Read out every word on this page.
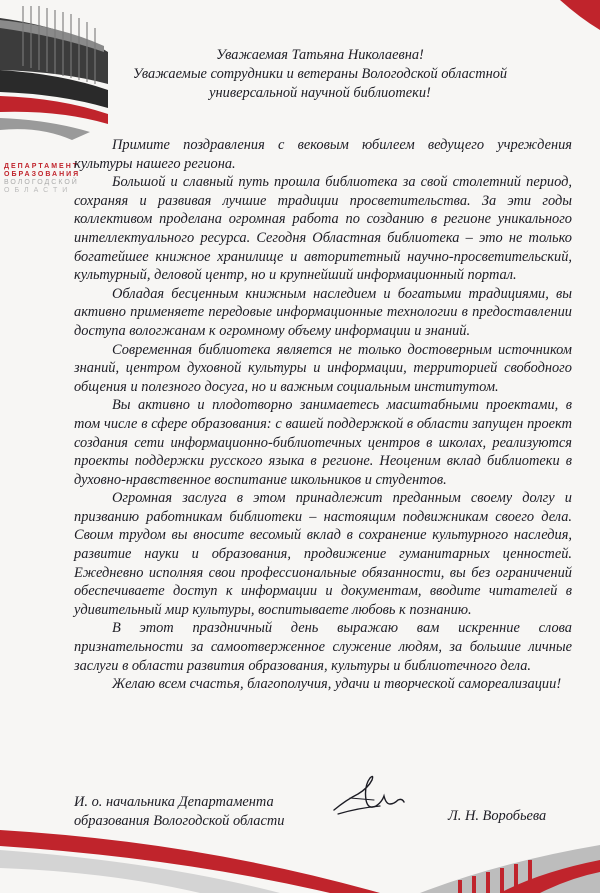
ДЕПАРТАМЕНТ
ОБРАЗОВАНИЯ
ВОЛОГОДСКОЙ
ОБЛАСТИ
Уважаемая Татьяна Николаевна!
Уважаемые сотрудники и ветераны Вологодской областной
универсальной научной библиотеки!

Примите поздравления с вековым юбилеем ведущего учреждения культуры нашего региона.

Большой и славный путь прошла библиотека за свой столетний период, сохраняя и развивая лучшие традиции просветительства. За эти годы коллективом проделана огромная работа по созданию в регионе уникального интеллектуального ресурса. Сегодня Областная библиотека – это не только богатейшее книжное хранилище и авторитетный научно-просветительский, культурный, деловой центр, но и крупнейший информационный портал.

Обладая бесценным книжным наследием и богатыми традициями, вы активно применяете передовые информационные технологии в предоставлении доступа вологжанам к огромному объему информации и знаний.

Современная библиотека является не только достоверным источником знаний, центром духовной культуры и информации, территорией свободного общения и полезного досуга, но и важным социальным институтом.

Вы активно и плодотворно занимаетесь масштабными проектами, в том числе в сфере образования: с вашей поддержкой в области запущен проект создания сети информационно-библиотечных центров в школах, реализуются проекты поддержки русского языка в регионе. Неоценим вклад библиотеки в духовно-нравственное воспитание школьников и студентов.

Огромная заслуга в этом принадлежит преданным своему долгу и призванию работникам библиотеки – настоящим подвижникам своего дела. Своим трудом вы вносите весомый вклад в сохранение культурного наследия, развитие науки и образования, продвижение гуманитарных ценностей. Ежедневно исполняя свои профессиональные обязанности, вы без ограничений обеспечиваете доступ к информации и документам, вводите читателей в удивительный мир культуры, воспитываете любовь к познанию.

В этот праздничный день выражаю вам искренние слова признательности за самоотверженное служение людям, за большие личные заслуги в области развития образования, культуры и библиотечного дела.

Желаю всем счастья, благополучия, удачи и творческой самореализации!

И. о. начальника Департамента
образования Вологодской области	Л. Н. Воробьева
